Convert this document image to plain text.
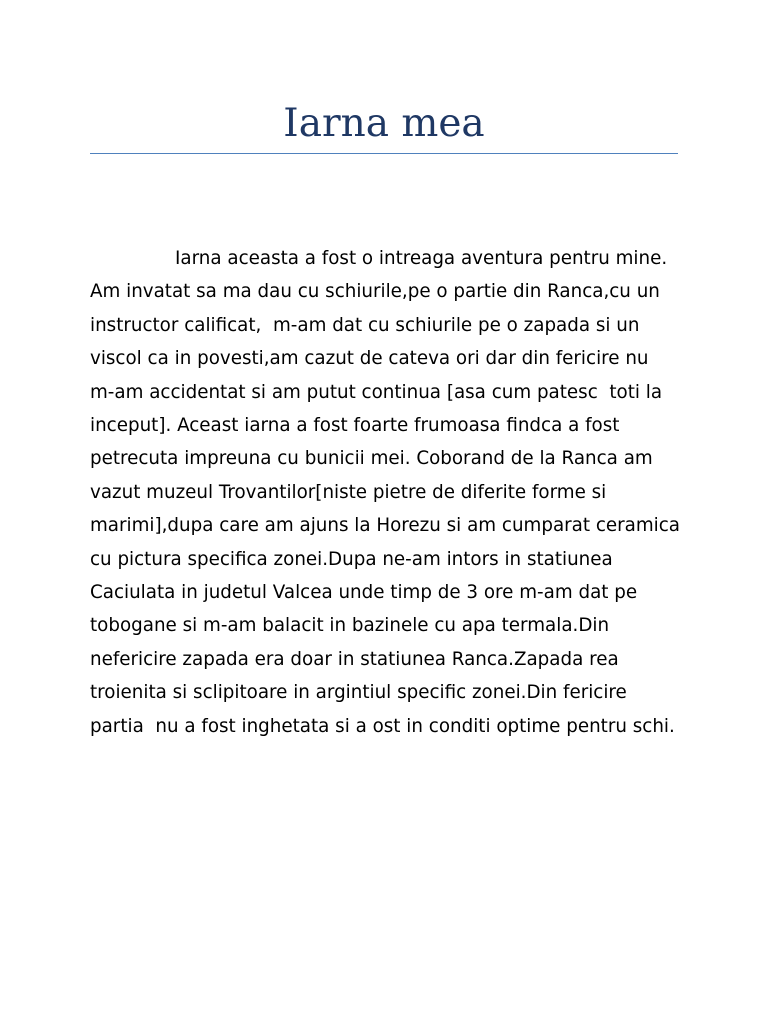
Iarna mea
Iarna aceasta a fost o intreaga aventura pentru mine.
Am invatat sa ma dau cu schiurile,pe o partie din Ranca,cu un
instructor calificat,  m-am dat cu schiurile pe o zapada si un
viscol ca in povesti,am cazut de cateva ori dar din fericire nu
m-am accidentat si am putut continua [asa cum patesc  toti la
inceput]. Aceast iarna a fost foarte frumoasa findca a fost
petrecuta impreuna cu bunicii mei. Coborand de la Ranca am
vazut muzeul Trovantilor[niste pietre de diferite forme si
marimi],dupa care am ajuns la Horezu si am cumparat ceramica
cu pictura specifica zonei.Dupa ne-am intors in statiunea
Caciulata in judetul Valcea unde timp de 3 ore m-am dat pe
tobogane si m-am balacit in bazinele cu apa termala.Din
nefericire zapada era doar in statiunea Ranca.Zapada rea
troienita si sclipitoare in argintiul specific zonei.Din fericire
partia  nu a fost inghetata si a ost in conditi optime pentru schi.
